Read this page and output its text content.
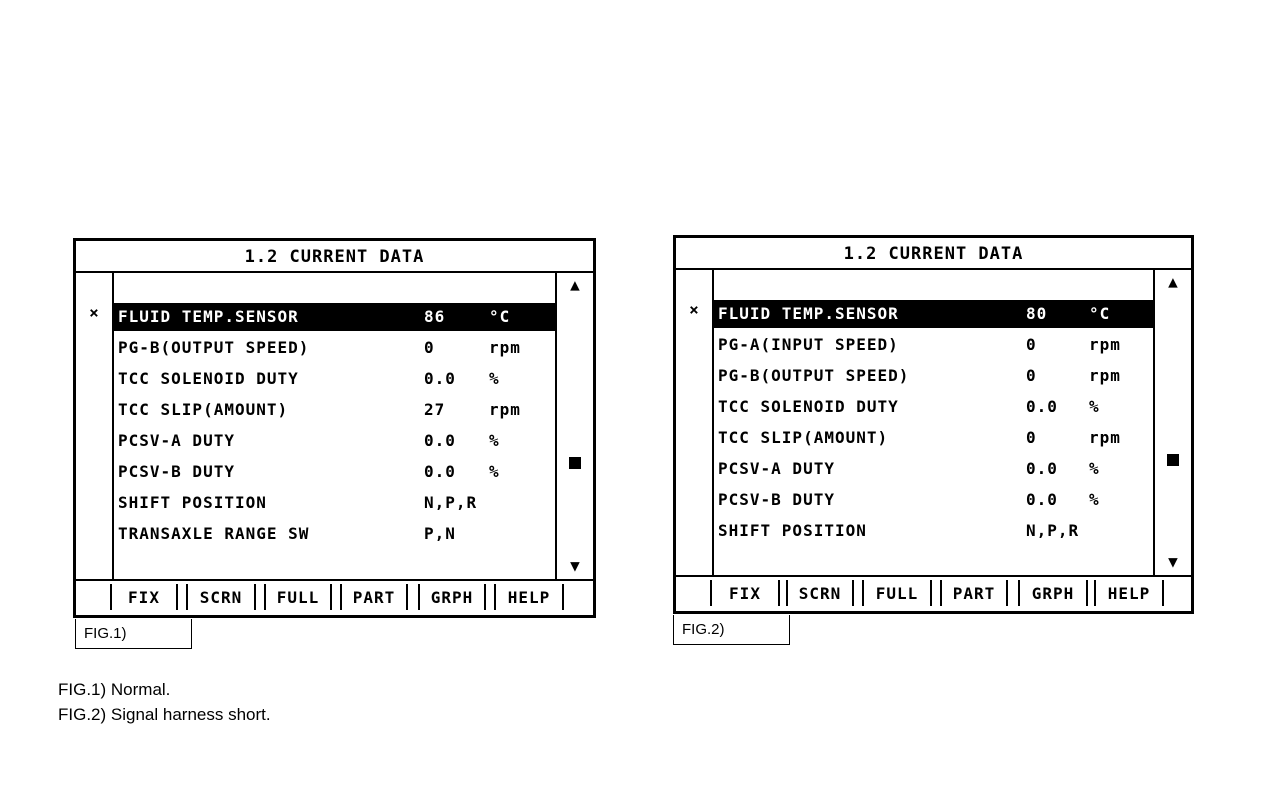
1.2 CURRENT DATA
×	FLUID TEMP.SENSOR	86	°C
PG-B(OUTPUT SPEED)	0	rpm
TCC SOLENOID DUTY	0.0 %
TCC SLIP(AMOUNT)	27	rpm
PCSV-A DUTY	0.0 %
PCSV-B DUTY	0.0 %
SHIFT POSITION	N,P,R
TRANSAXLE RANGE SW	P,N
▲
▼
FIX	SCRN	FULL	PART	GRPH	HELP
FIG.1)
1.2 CURRENT DATA
×	FLUID TEMP.SENSOR	80	°C
PG-A(INPUT SPEED)	0	rpm
PG-B(OUTPUT SPEED)	0	rpm
TCC SOLENOID DUTY	0.0 %
TCC SLIP(AMOUNT)	0	rpm
PCSV-A DUTY	0.0 %
PCSV-B DUTY	0.0 %
SHIFT POSITION	N,P,R
▲
▼
FIX	SCRN	FULL	PART	GRPH	HELP
FIG.2)
FIG.1) Normal.
FIG.2) Signal harness short.
